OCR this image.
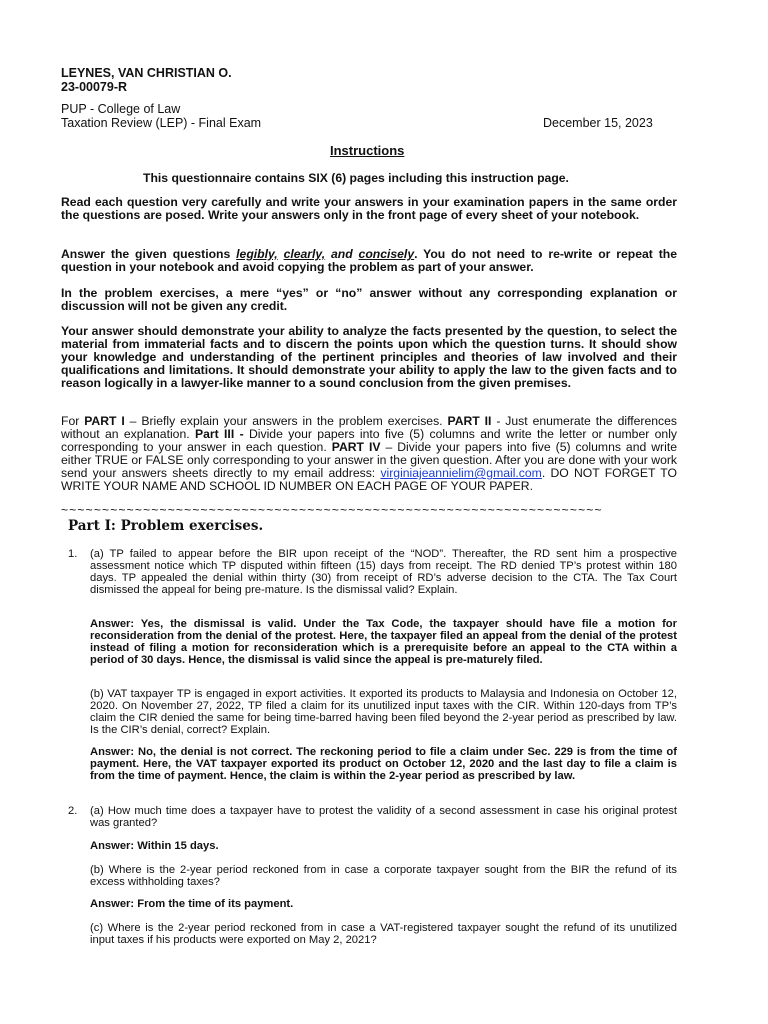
LEYNES, VAN CHRISTIAN O.
23-00079-R
PUP - College of Law
Taxation Review (LEP) - Final Exam	December 15, 2023
Instructions
This questionnaire contains SIX (6) pages including this instruction page.
Read each question very carefully and write your answers in your examination papers in the same order the questions are posed. Write your answers only in the front page of every sheet of your notebook.
Answer the given questions legibly, clearly, and concisely. You do not need to re-write or repeat the question in your notebook and avoid copying the problem as part of your answer.
In the problem exercises, a mere “yes” or “no” answer without any corresponding explanation or discussion will not be given any credit.
Your answer should demonstrate your ability to analyze the facts presented by the question, to select the material from immaterial facts and to discern the points upon which the question turns. It should show your knowledge and understanding of the pertinent principles and theories of law involved and their qualifications and limitations. It should demonstrate your ability to apply the law to the given facts and to reason logically in a lawyer-like manner to a sound conclusion from the given premises.
For PART I – Briefly explain your answers in the problem exercises. PART II - Just enumerate the differences without an explanation. Part III - Divide your papers into five (5) columns and write the letter or number only corresponding to your answer in each question. PART IV – Divide your papers into five (5) columns and write either TRUE or FALSE only corresponding to your answer in the given question. After you are done with your work send your answers sheets directly to my email address: virginiajeannielim@gmail.com. DO NOT FORGET TO WRITE YOUR NAME AND SCHOOL ID NUMBER ON EACH PAGE OF YOUR PAPER.
~~~~~~~~~~~~~~~~~~~~~~~~~~~~~~~~~~~~~~~~~~~~~~~~~~~~~~~~~~~~~~~~~~
Part I: Problem exercises.
1. (a) TP failed to appear before the BIR upon receipt of the “NOD”. Thereafter, the RD sent him a prospective assessment notice which TP disputed within fifteen (15) days from receipt. The RD denied TP’s protest within 180 days. TP appealed the denial within thirty (30) from receipt of RD’s adverse decision to the CTA. The Tax Court dismissed the appeal for being pre-mature. Is the dismissal valid? Explain.
Answer: Yes, the dismissal is valid. Under the Tax Code, the taxpayer should have file a motion for reconsideration from the denial of the protest. Here, the taxpayer filed an appeal from the denial of the protest instead of filing a motion for reconsideration which is a prerequisite before an appeal to the CTA within a period of 30 days. Hence, the dismissal is valid since the appeal is pre-maturely filed.
(b) VAT taxpayer TP is engaged in export activities. It exported its products to Malaysia and Indonesia on October 12, 2020. On November 27, 2022, TP filed a claim for its unutilized input taxes with the CIR. Within 120-days from TP’s claim the CIR denied the same for being time-barred having been filed beyond the 2-year period as prescribed by law. Is the CIR’s denial, correct? Explain.
Answer: No, the denial is not correct. The reckoning period to file a claim under Sec. 229 is from the time of payment. Here, the VAT taxpayer exported its product on October 12, 2020 and the last day to file a claim is from the time of payment. Hence, the claim is within the 2-year period as prescribed by law.
2. (a) How much time does a taxpayer have to protest the validity of a second assessment in case his original protest was granted?
Answer: Within 15 days.
(b) Where is the 2-year period reckoned from in case a corporate taxpayer sought from the BIR the refund of its excess withholding taxes?
Answer: From the time of its payment.
(c) Where is the 2-year period reckoned from in case a VAT-registered taxpayer sought the refund of its unutilized input taxes if his products were exported on May 2, 2021?
